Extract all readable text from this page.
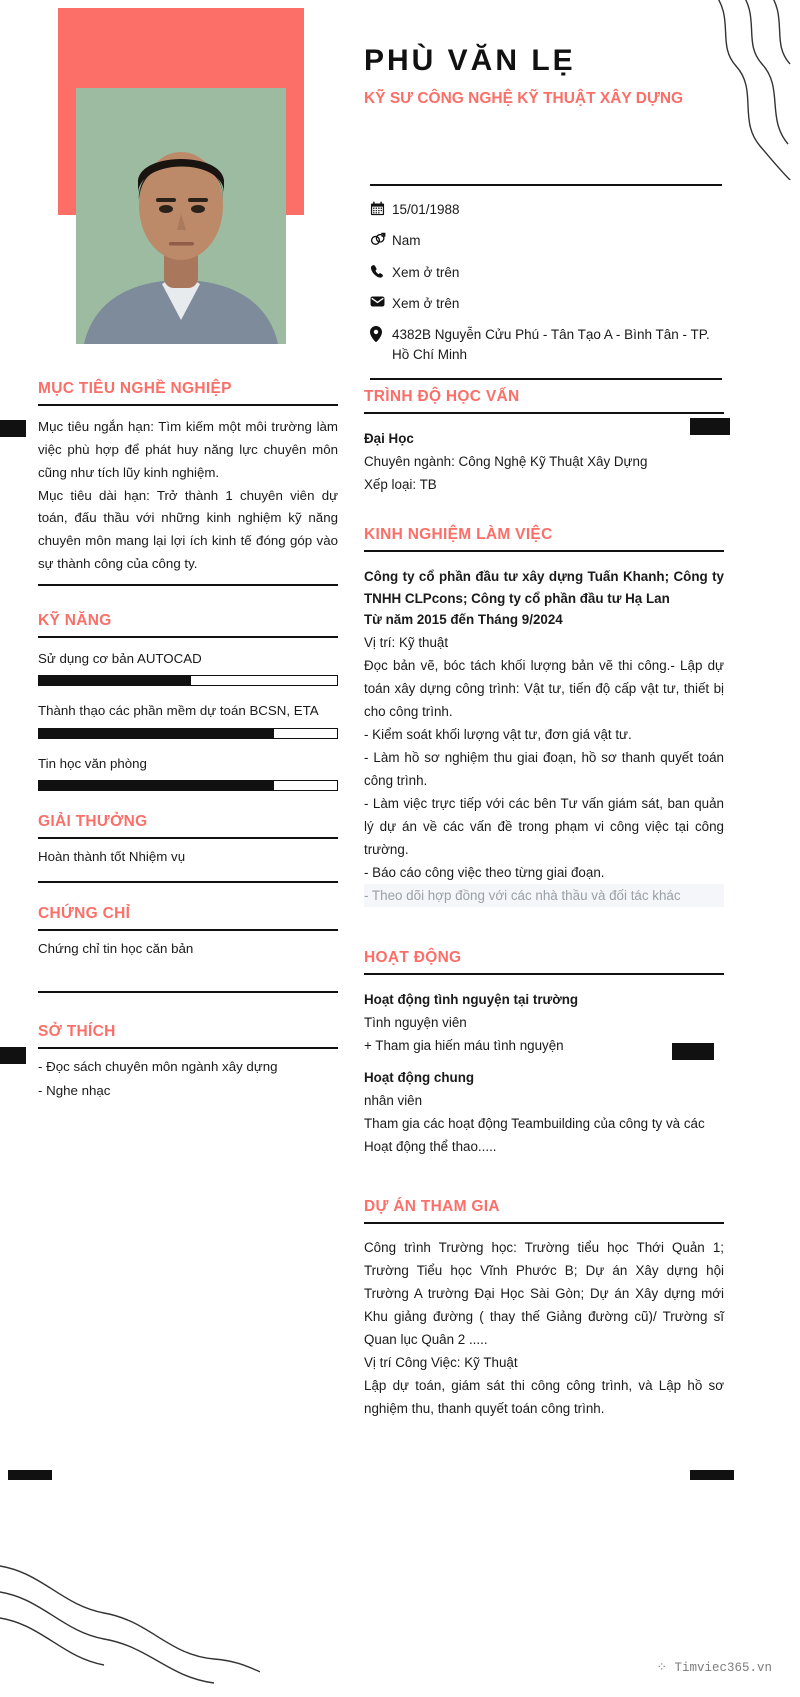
PHÙ VĂN LẸ
KỸ SƯ CÔNG NGHỆ KỸ THUẬT XÂY DỰNG
15/01/1988
Nam
Xem ở trên
Xem ở trên
4382B Nguyễn Cửu Phú - Tân Tạo A - Bình Tân - TP. Hồ Chí Minh
MỤC TIÊU NGHỀ NGHIỆP
Mục tiêu ngắn hạn: Tìm kiếm một môi trường làm việc phù hợp để phát huy năng lực chuyên môn cũng như tích lũy kinh nghiệm.
Mục tiêu dài hạn: Trở thành 1 chuyên viên dự toán, đấu thầu với những kinh nghiệm kỹ năng chuyên môn mang lại lợi ích kinh tế đóng góp vào sự thành công của công ty.
KỸ NĂNG
Sử dụng cơ bản AUTOCAD
Thành thạo các phần mềm dự toán BCSN, ETA
Tin học văn phòng
GIẢI THƯỞNG
Hoàn thành tốt Nhiệm vụ
CHỨNG CHỈ
Chứng chỉ tin học căn bản
SỞ THÍCH
- Đọc sách chuyên môn ngành xây dựng
- Nghe nhạc
TRÌNH ĐỘ HỌC VẤN
Đại Học
Chuyên ngành: Công Nghệ Kỹ Thuật Xây Dựng
Xếp loại: TB
KINH NGHIỆM LÀM VIỆC
Công ty cổ phần đầu tư xây dựng Tuấn Khanh; Công ty TNHH CLPcons; Công ty cổ phần đầu tư Hạ Lan
Từ năm 2015 đến Tháng 9/2024
Vị trí: Kỹ thuật
Đọc bản vẽ, bóc tách khối lượng bản vẽ thi công.- Lập dự toán xây dựng công trình: Vật tư, tiến độ cấp vật tư, thiết bị cho công trình.
- Kiểm soát khối lượng vật tư, đơn giá vật tư.
- Làm hồ sơ nghiệm thu giai đoạn, hồ sơ thanh quyết toán công trình.
- Làm việc trực tiếp với các bên Tư vấn giám sát, ban quản lý dự án về các vấn đề trong phạm vi công việc tại công trường.
- Báo cáo công việc theo từng giai đoạn.
- Theo dõi hợp đồng với các nhà thầu và đối tác khác
HOẠT ĐỘNG
Hoạt động tình nguyện tại trường
Tình nguyện viên
+ Tham gia hiến máu tình nguyện
Hoạt động chung
nhân viên
Tham gia các hoạt động Teambuilding của công ty và các Hoạt động thể thao.....
DỰ ÁN THAM GIA
Công trình Trường học: Trường tiểu học Thới Quản 1; Trường Tiểu học Vĩnh Phước B; Dự án Xây dựng hội Trường A trường Đại Học Sài Gòn; Dự án Xây dựng mới Khu giảng đường ( thay thế Giảng đường cũ)/ Trường sĩ Quan lục Quân 2 .....
Vị trí Công Việc: Kỹ Thuật
Lập dự toán, giám sát thi công công trình, và Lập hồ sơ nghiệm thu, thanh quyết toán công trình.
⁘ Timviec365.vn
